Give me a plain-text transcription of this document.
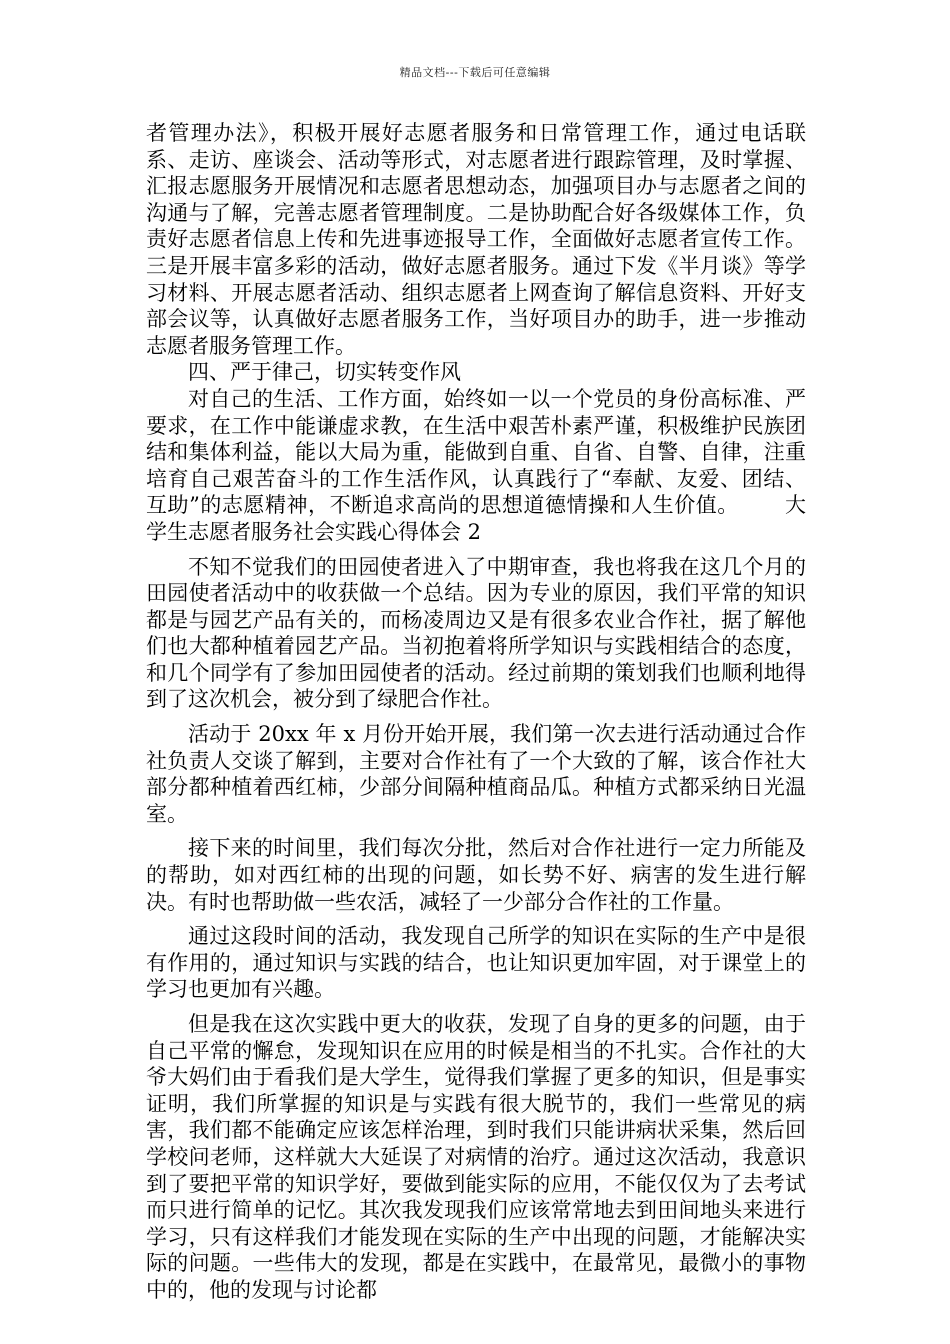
精品文档---下载后可任意编辑

者管理办法》，积极开展好志愿者服务和日常管理工作，通过电话联系、走访、座谈会、活动等形式，对志愿者进行跟踪管理，及时掌握、汇报志愿服务开展情况和志愿者思想动态，加强项目办与志愿者之间的沟通与了解，完善志愿者管理制度。二是协助配合好各级媒体工作，负责好志愿者信息上传和先进事迹报导工作，全面做好志愿者宣传工作。三是开展丰富多彩的活动，做好志愿者服务。通过下发《半月谈》等学习材料、开展志愿者活动、组织志愿者上网查询了解信息资料、开好支部会议等，认真做好志愿者服务工作，当好项目办的助手，进一步推动志愿者服务管理工作。

四、严于律己，切实转变作风

对自己的生活、工作方面，始终如一以一个党员的身份高标准、严要求，在工作中能谦虚求教，在生活中艰苦朴素严谨，积极维护民族团结和集体利益，能以大局为重，能做到自重、自省、自警、自律，注重培育自己艰苦奋斗的工作生活作风，认真践行了“奉献、友爱、团结、互助”的志愿精神，不断追求高尚的思想道德情操和人生价值。 大学生志愿者服务社会实践心得体会 2

不知不觉我们的田园使者进入了中期审查，我也将我在这几个月的田园使者活动中的收获做一个总结。因为专业的原因，我们平常的知识都是与园艺产品有关的，而杨凌周边又是有很多农业合作社，据了解他们也大都种植着园艺产品。当初抱着将所学知识与实践相结合的态度，和几个同学有了参加田园使者的活动。经过前期的策划我们也顺利地得到了这次机会，被分到了绿肥合作社。

活动于 20xx 年 x 月份开始开展，我们第一次去进行活动通过合作社负责人交谈了解到，主要对合作社有了一个大致的了解，该合作社大部分都种植着西红柿，少部分间隔种植商品瓜。种植方式都采纳日光温室。

接下来的时间里，我们每次分批，然后对合作社进行一定力所能及的帮助，如对西红柿的出现的问题，如长势不好、病害的发生进行解决。有时也帮助做一些农活，减轻了一少部分合作社的工作量。

通过这段时间的活动，我发现自己所学的知识在实际的生产中是很有作用的，通过知识与实践的结合，也让知识更加牢固，对于课堂上的学习也更加有兴趣。

但是我在这次实践中更大的收获，发现了自身的更多的问题，由于自己平常的懈怠，发现知识在应用的时候是相当的不扎实。合作社的大爷大妈们由于看我们是大学生，觉得我们掌握了更多的知识，但是事实证明，我们所掌握的知识是与实践有很大脱节的，我们一些常见的病害，我们都不能确定应该怎样治理，到时我们只能讲病状采集，然后回学校问老师，这样就大大延误了对病情的治疗。通过这次活动，我意识到了要把平常的知识学好，要做到能实际的应用，不能仅仅为了去考试而只进行简单的记忆。其次我发现我们应该常常地去到田间地头来进行学习，只有这样我们才能发现在实际的生产中出现的问题，才能解决实际的问题。一些伟大的发现，都是在实践中，在最常见，最微小的事物中的，他的发现与讨论都
